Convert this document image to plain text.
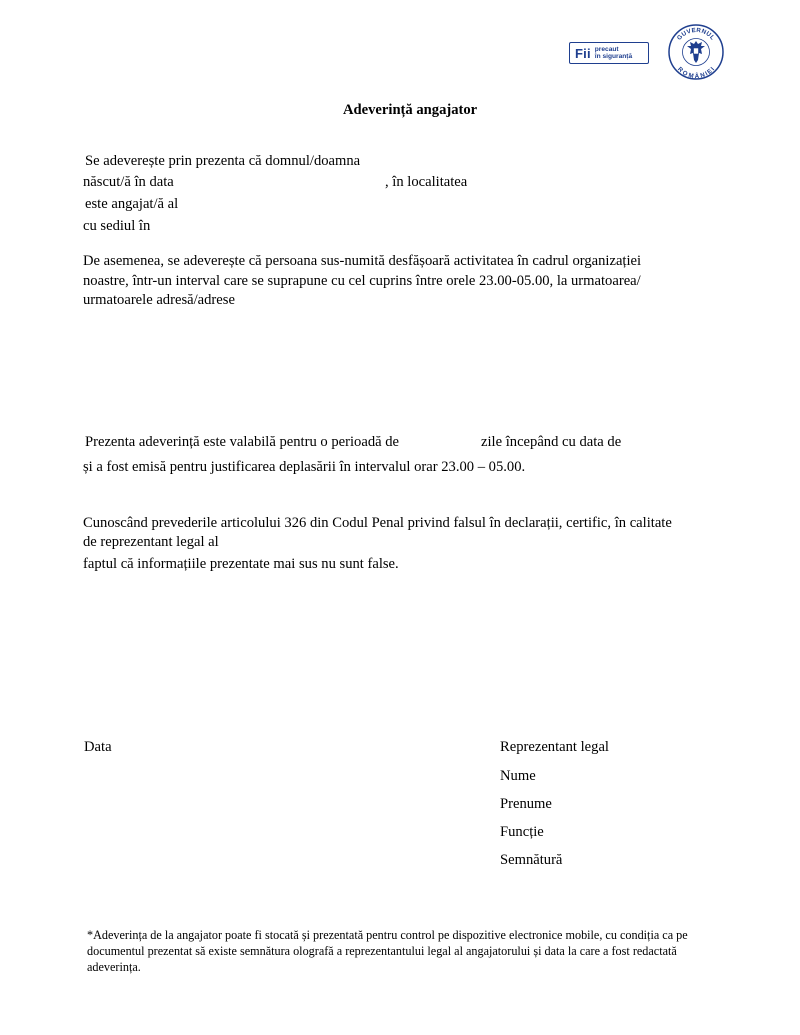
Fii precaut
în siguranță
GUVERNUL
ROMÂNIEI
Adeverință angajator
Se adeverește prin prezenta că domnul/doamna
născut/ă în data	, în localitatea
este angajat/ă al
cu sediul în
De asemenea, se adeverește că persoana sus-numită desfășoară activitatea în cadrul organizației
noastre, într-un interval care se suprapune cu cel cuprins între orele 23.00-05.00, la urmatoarea/
urmatoarele adresă/adrese
Prezenta adeverință este valabilă pentru o perioadă de	zile începând cu data de
și a fost emisă pentru justificarea deplasării în intervalul orar 23.00 – 05.00.
Cunoscând prevederile articolului 326 din Codul Penal privind falsul în declarații, certific, în calitate
de reprezentant legal al
faptul că informațiile prezentate mai sus nu sunt false.
Data	Reprezentant legal
Nume
Prenume
Funcție
Semnătură
*Adeverința de la angajator poate fi stocată și prezentată pentru control pe dispozitive electronice mobile, cu condiția ca pe
documentul prezentat să existe semnătura olografă a reprezentantului legal al angajatorului și data la care a fost redactată
adeverința.
